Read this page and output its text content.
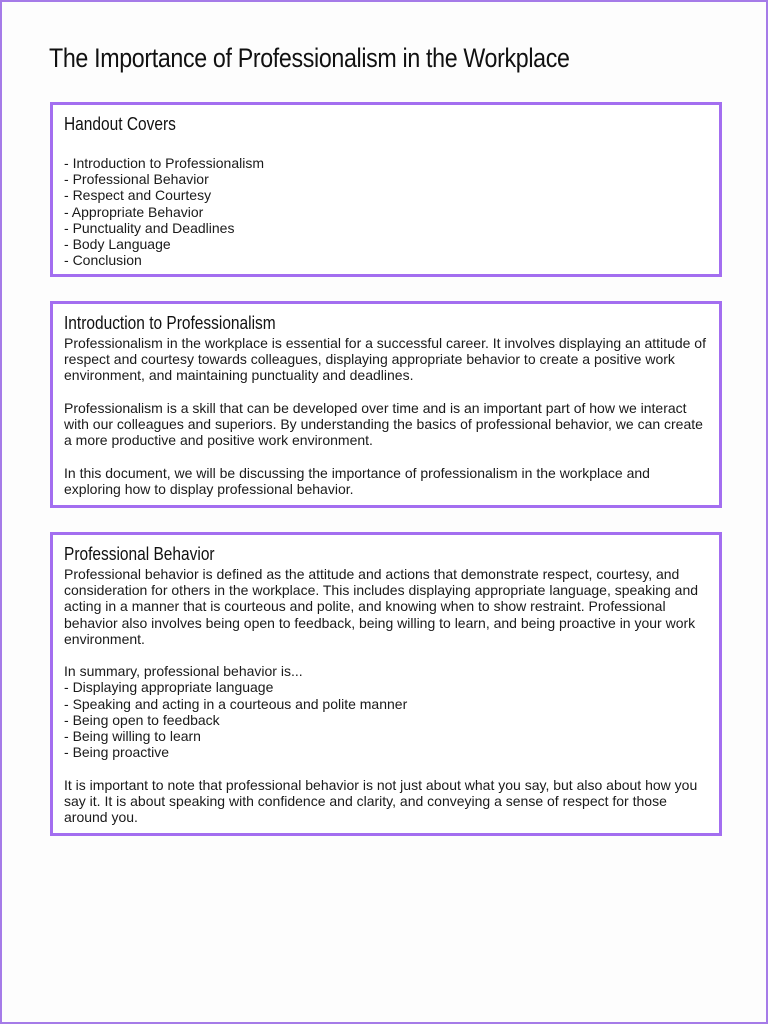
The Importance of Professionalism in the Workplace
Handout Covers
- Introduction to Professionalism
- Professional Behavior
- Respect and Courtesy
- Appropriate Behavior
- Punctuality and Deadlines
- Body Language
- Conclusion
Introduction to Professionalism

Professionalism in the workplace is essential for a successful career. It involves displaying an attitude of respect and courtesy towards colleagues, displaying appropriate behavior to create a positive work environment, and maintaining punctuality and deadlines.

Professionalism is a skill that can be developed over time and is an important part of how we interact with our colleagues and superiors. By understanding the basics of professional behavior, we can create a more productive and positive work environment.

In this document, we will be discussing the importance of professionalism in the workplace and exploring how to display professional behavior.

Professional Behavior

Professional behavior is defined as the attitude and actions that demonstrate respect, courtesy, and consideration for others in the workplace. This includes displaying appropriate language, speaking and acting in a manner that is courteous and polite, and knowing when to show restraint. Professional behavior also involves being open to feedback, being willing to learn, and being proactive in your work environment.

In summary, professional behavior is...

- Displaying appropriate language
- Speaking and acting in a courteous and polite manner
- Being open to feedback
- Being willing to learn
- Being proactive

It is important to note that professional behavior is not just about what you say, but also about how you say it. It is about speaking with confidence and clarity, and conveying a sense of respect for those around you.
